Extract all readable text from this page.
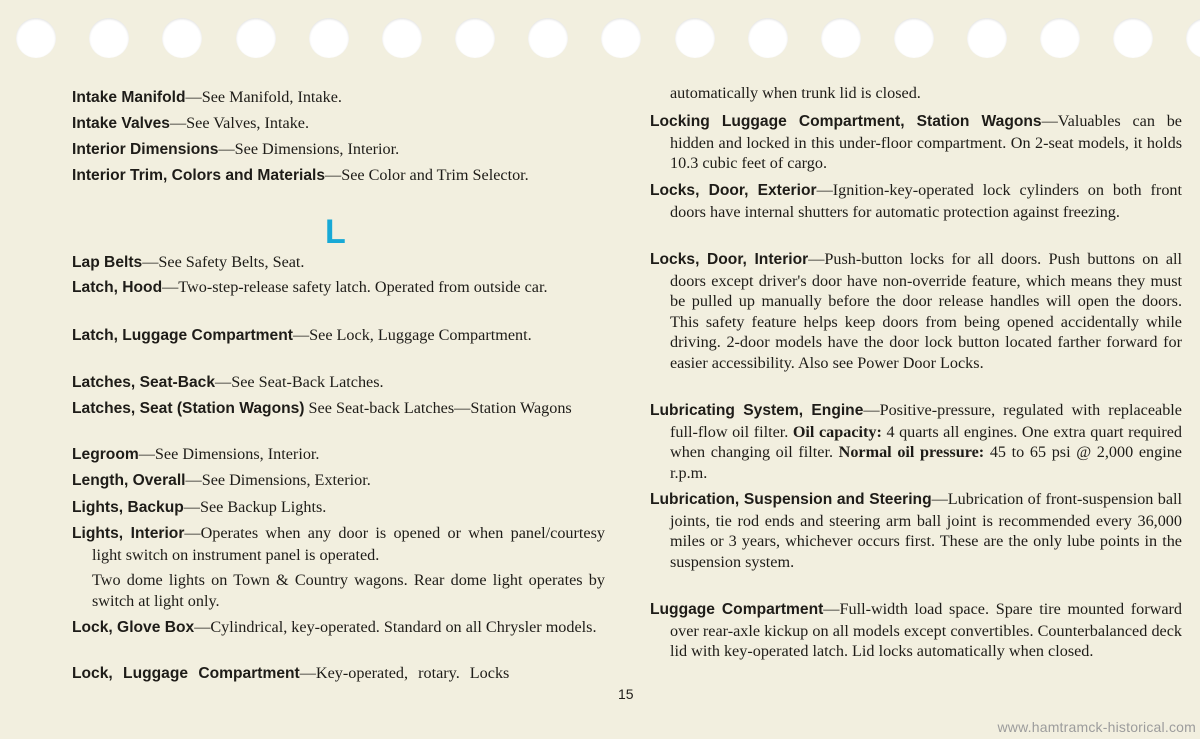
Intake Manifold—See Manifold, Intake.
Intake Valves—See Valves, Intake.
Interior Dimensions—See Dimensions, Interior.
Interior Trim, Colors and Materials—See Color and Trim Selector.
L
Lap Belts—See Safety Belts, Seat.
Latch, Hood—Two-step-release safety latch. Operated from outside car.
Latch, Luggage Compartment—See Lock, Luggage Compartment.
Latches, Seat-Back—See Seat-Back Latches.
Latches, Seat (Station Wagons) See Seat-back Latches—Station Wagons
Legroom—See Dimensions, Interior.
Length, Overall—See Dimensions, Exterior.
Lights, Backup—See Backup Lights.
Lights, Interior—Operates when any door is opened or when panel/courtesy light switch on instrument panel is operated.
Two dome lights on Town & Country wagons. Rear dome light operates by switch at light only.
Lock, Glove Box—Cylindrical, key-operated. Standard on all Chrysler models.
Lock, Luggage Compartment—Key-operated, rotary. Locks
automatically when trunk lid is closed.
Locking Luggage Compartment, Station Wagons—Valuables can be hidden and locked in this under-floor compartment. On 2-seat models, it holds 10.3 cubic feet of cargo.
Locks, Door, Exterior—Ignition-key-operated lock cylinders on both front doors have internal shutters for automatic protection against freezing.
Locks, Door, Interior—Push-button locks for all doors. Push buttons on all doors except driver's door have non-override feature, which means they must be pulled up manually before the door release handles will open the doors. This safety feature helps keep doors from being opened accidentally while driving. 2-door models have the door lock button located farther forward for easier accessibility. Also see Power Door Locks.
Lubricating System, Engine—Positive-pressure, regulated with replaceable full-flow oil filter. Oil capacity: 4 quarts all engines. One extra quart required when changing oil filter. Normal oil pressure: 45 to 65 psi @ 2,000 engine r.p.m.
Lubrication, Suspension and Steering—Lubrication of front-suspension ball joints, tie rod ends and steering arm ball joint is recommended every 36,000 miles or 3 years, whichever occurs first. These are the only lube points in the suspension system.
Luggage Compartment—Full-width load space. Spare tire mounted forward over rear-axle kickup on all models except convertibles. Counterbalanced deck lid with key-operated latch. Lid locks automatically when closed.
15
www.hamtramck-historical.com
